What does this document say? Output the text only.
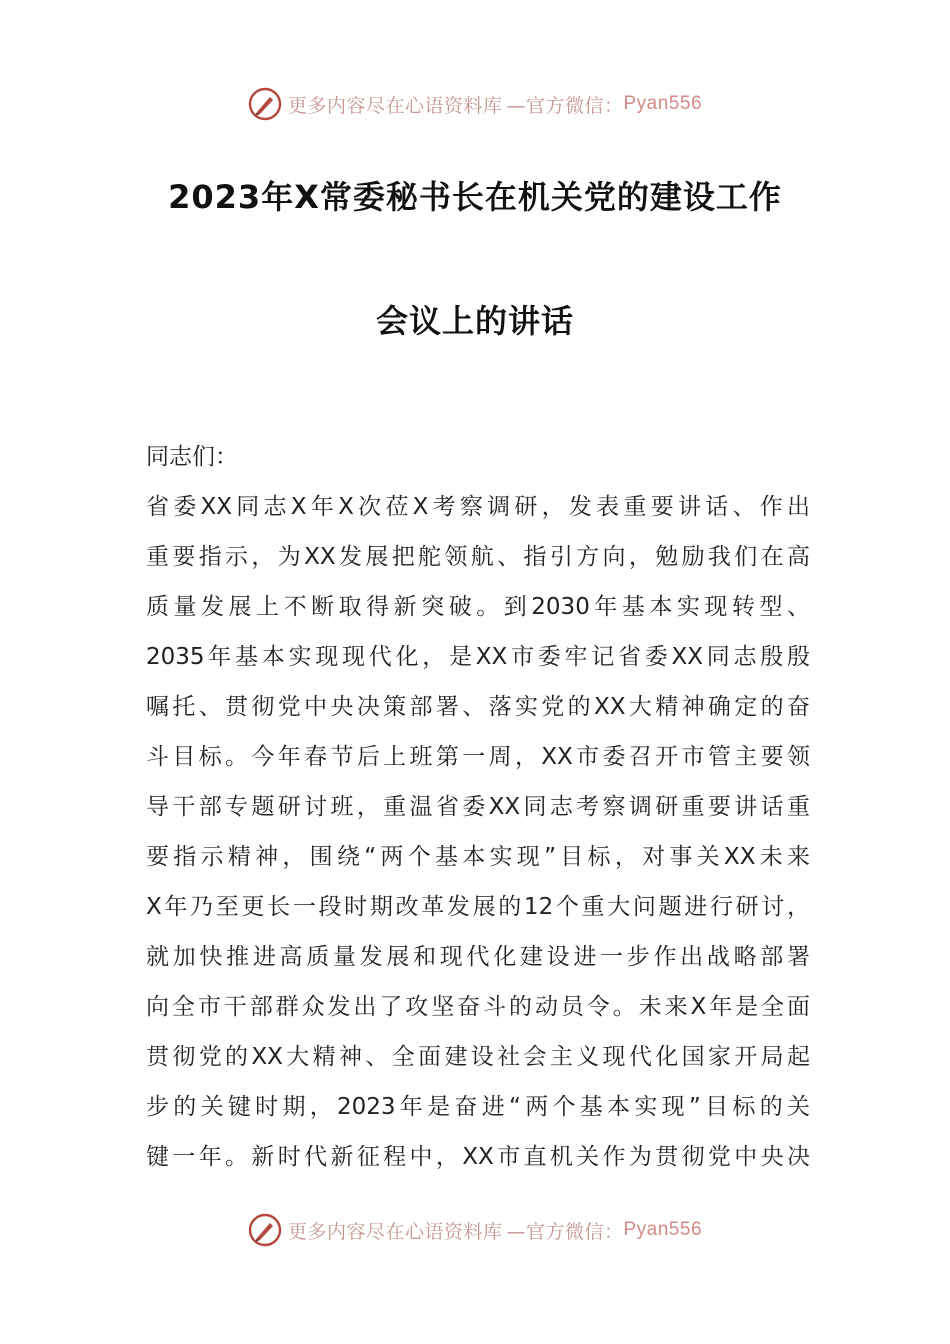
更多内容尽在心语资料库 —官方微信： Pyan556
2023年X常委秘书长在机关党的建设工作
会议上的讲话
同志们：
省委XX同志X年X次莅X考察调研，发表重要讲话、作出
重要指示，为XX发展把舵领航、指引方向，勉励我们在高
质量发展上不断取得新突破。到2030年基本实现转型、
2035年基本实现现代化，是XX市委牢记省委XX同志殷殷
嘱托、贯彻党中央决策部署、落实党的XX大精神确定的奋
斗目标。今年春节后上班第一周，XX市委召开市管主要领
导干部专题研讨班，重温省委XX同志考察调研重要讲话重
要指示精神，围绕“两个基本实现”目标，对事关XX未来
X年乃至更长一段时期改革发展的12个重大问题进行研讨，
就加快推进高质量发展和现代化建设进一步作出战略部署
向全市干部群众发出了攻坚奋斗的动员令。未来X年是全面
贯彻党的XX大精神、全面建设社会主义现代化国家开局起
步的关键时期，2023年是奋进“两个基本实现”目标的关
键一年。新时代新征程中，XX市直机关作为贯彻党中央决
更多内容尽在心语资料库 —官方微信： Pyan556
